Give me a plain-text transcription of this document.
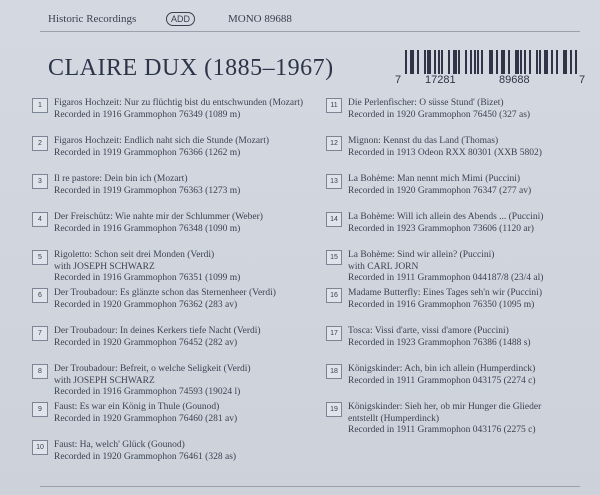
Historic Recordings	ADD	MONO 89688
CLAIRE DUX (1885–1967)	7 17281	89688	7
1	Figaros Hochzeit: Nur zu flüchtig bist du entschwunden (Mozart)
Recorded in 1916 Grammophon 76349 (1089 m)
2	Figaros Hochzeit: Endlich naht sich die Stunde (Mozart)
Recorded in 1919 Grammophon 76366 (1262 m)
3	Il re pastore: Dein bin ich (Mozart)
Recorded in 1919 Grammophon 76363 (1273 m)
4	Der Freischütz: Wie nahte mir der Schlummer (Weber)
Recorded in 1916 Grammophon 76348 (1090 m)
5	Rigoletto: Schon seit drei Monden (Verdi)
with JOSEPH SCHWARZ
Recorded in 1916 Grammophon 76351 (1099 m)
6	Der Troubadour: Es glänzte schon das Sternenheer (Verdi)
Recorded in 1920 Grammophon 76362 (283 av)
7	Der Troubadour: In deines Kerkers tiefe Nacht (Verdi)
Recorded in 1920 Grammophon 76452 (282 av)
8	Der Troubadour: Befreit, o welche Seligkeit (Verdi)
with JOSEPH SCHWARZ
Recorded in 1916 Grammophon 74593 (19024 l)
9	Faust: Es war ein König in Thule (Gounod)
Recorded in 1920 Grammophon 76460 (281 av)
10	Faust: Ha, welch' Glück (Gounod)
Recorded in 1920 Grammophon 76461 (328 as)
11	Die Perlenfischer: O süsse Stund' (Bizet)
Recorded in 1920 Grammophon 76450 (327 as)
12	Mignon: Kennst du das Land (Thomas)
Recorded in 1913 Odeon RXX 80301 (XXB 5802)
13	La Bohème: Man nennt mich Mimi (Puccini)
Recorded in 1920 Grammophon 76347 (277 av)
14	La Bohème: Will ich allein des Abends ... (Puccini)
Recorded in 1923 Grammophon 73606 (1120 ar)
15	La Bohème: Sind wir allein? (Puccini)
with CARL JÖRN
Recorded in 1911 Grammophon 044187/8 (23/4 al)
16	Madame Butterfly: Eines Tages seh'n wir (Puccini)
Recorded in 1916 Grammophon 76350 (1095 m)
17	Tosca: Vissi d'arte, vissi d'amore (Puccini)
Recorded in 1923 Grammophon 76386 (1488 s)
18	Königskinder: Ach, bin ich allein (Humperdinck)
Recorded in 1911 Grammophon 043175 (2274 c)
19	Königskinder: Sieh her, ob mir Hunger die Glieder
entstellt (Humperdinck)
Recorded in 1911 Grammophon 043176 (2275 c)
